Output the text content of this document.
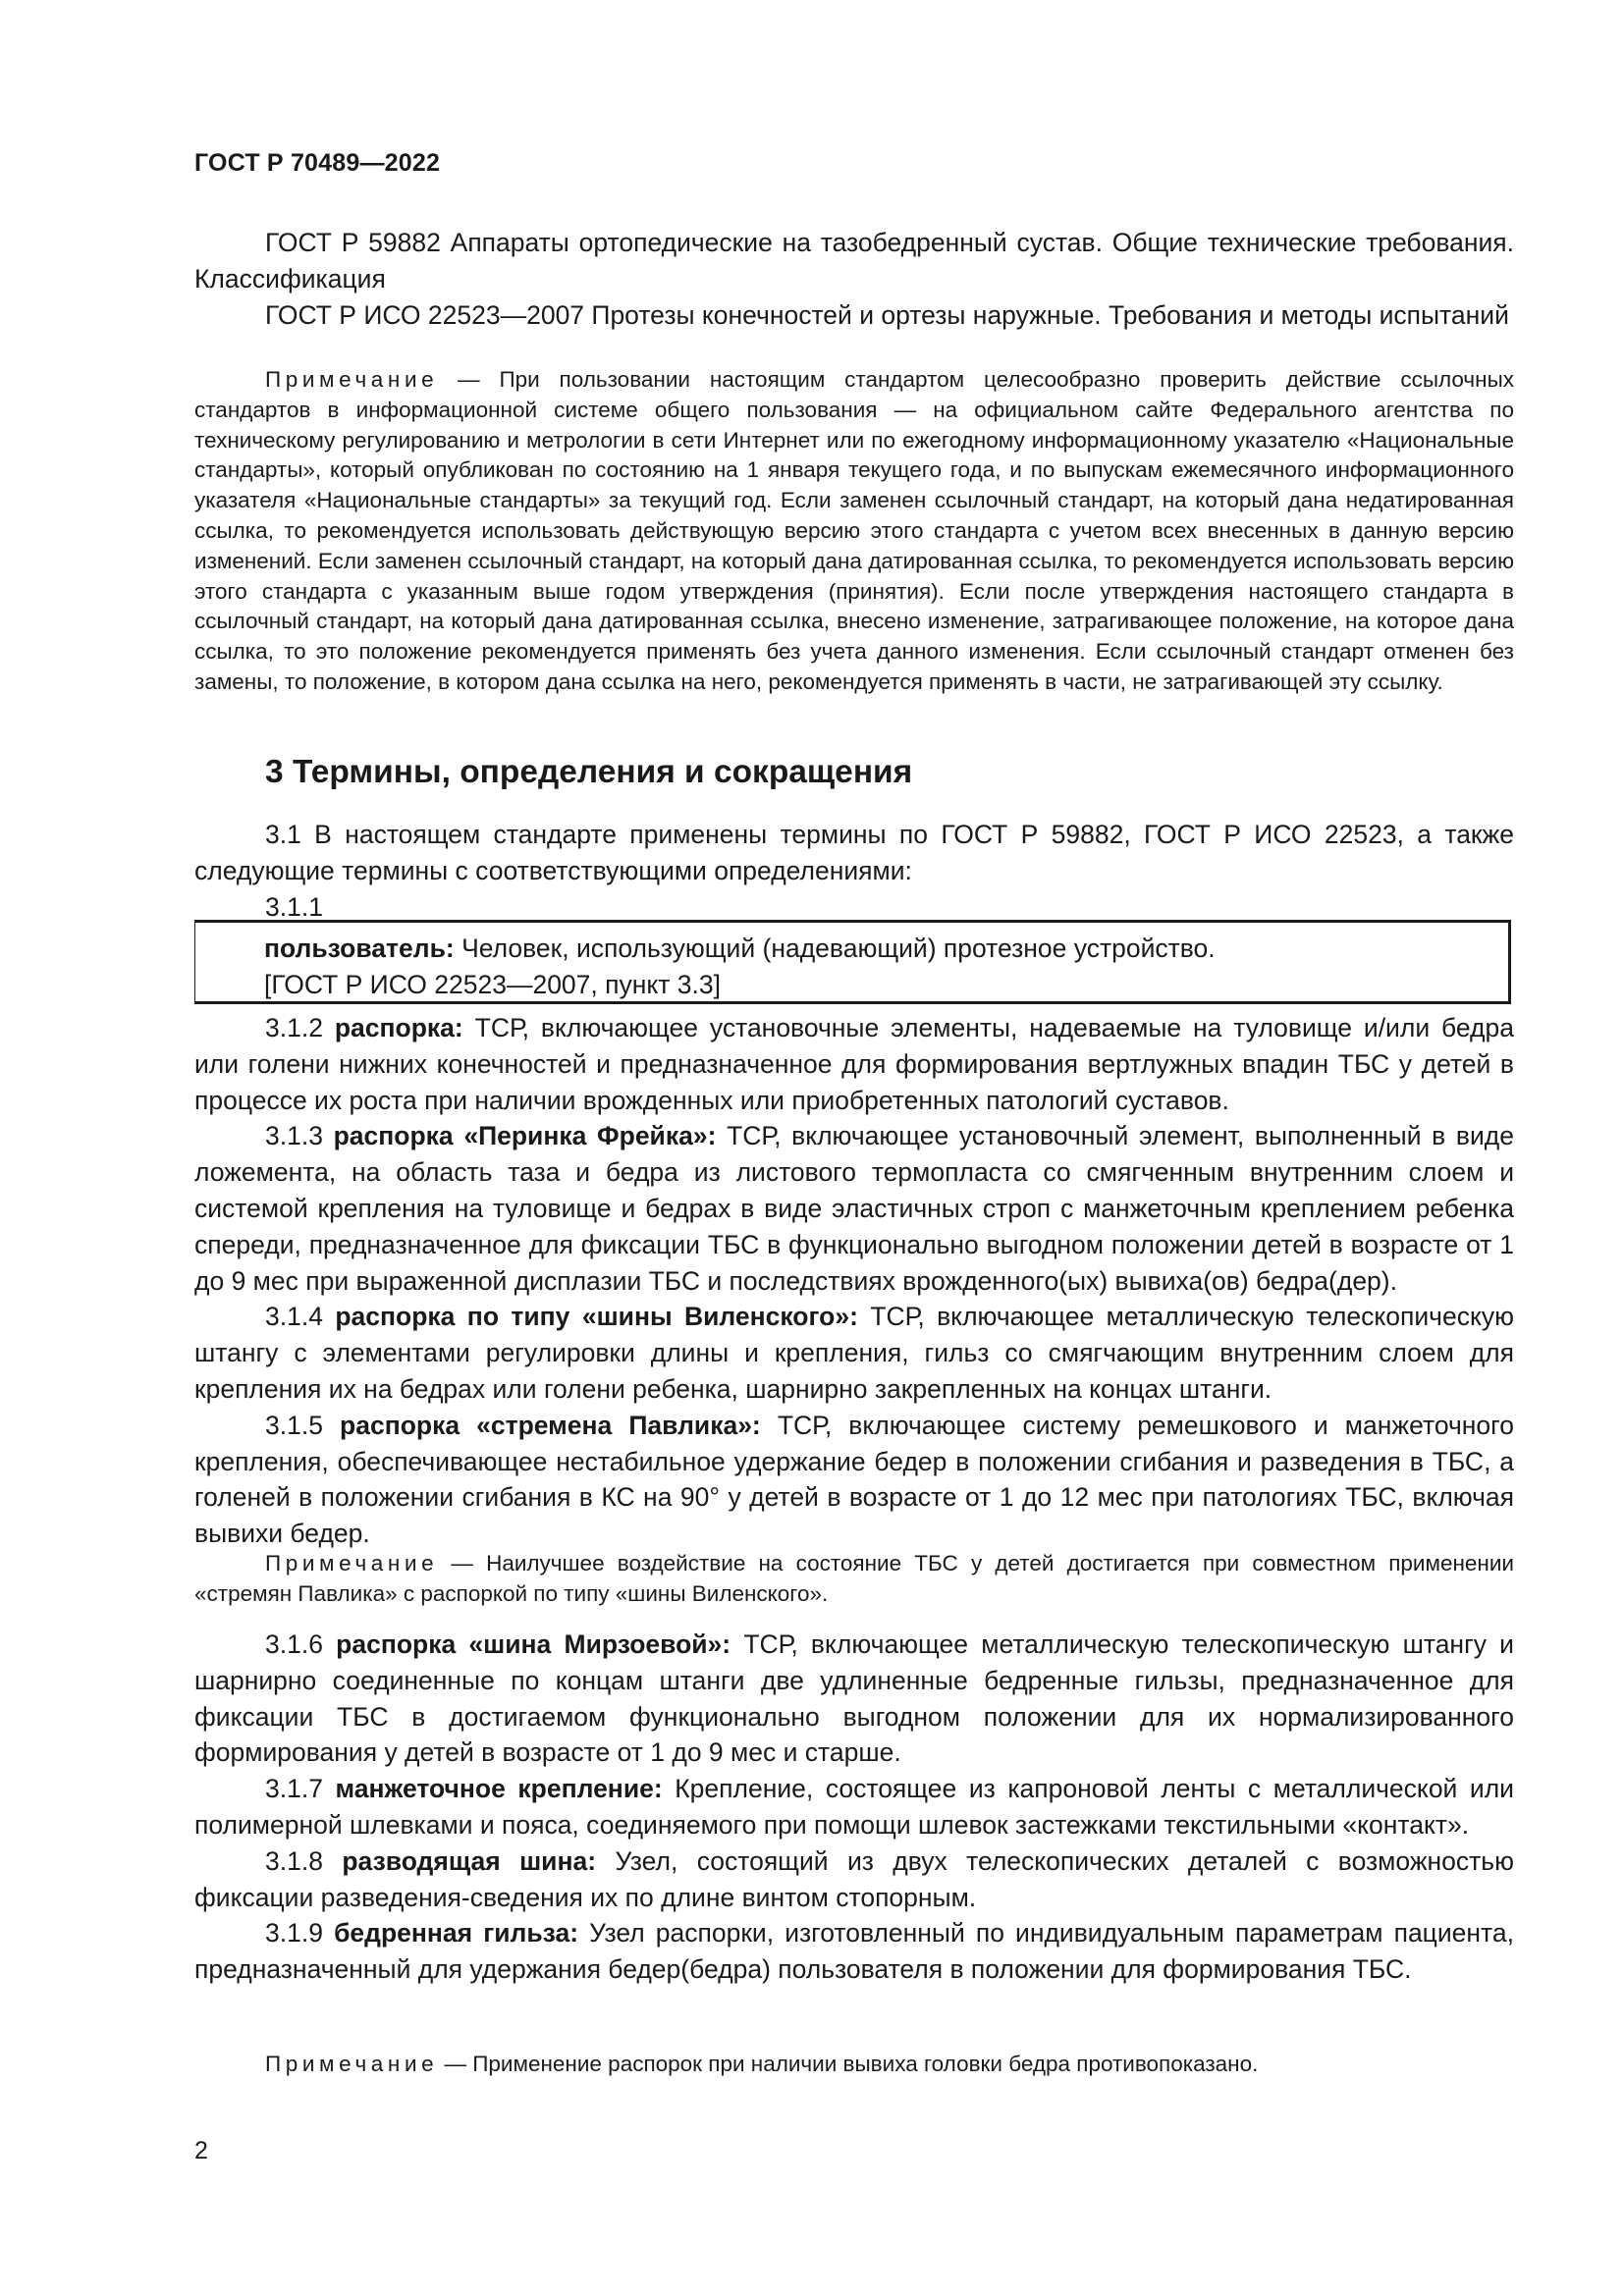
ГОСТ Р 70489—2022

ГОСТ Р 59882 Аппараты ортопедические на тазобедренный сустав. Общие технические требования. Классификация

ГОСТ Р ИСО 22523—2007 Протезы конечностей и ортезы наружные. Требования и методы испытаний

Примечание — При пользовании настоящим стандартом целесообразно проверить действие ссылочных стандартов в информационной системе общего пользования — на официальном сайте Федерального агентства по техническому регулированию и метрологии в сети Интернет или по ежегодному информационному указателю «Национальные стандарты», который опубликован по состоянию на 1 января текущего года, и по выпускам ежемесячного информационного указателя «Национальные стандарты» за текущий год. Если заменен ссылочный стандарт, на который дана недатированная ссылка, то рекомендуется использовать действующую версию этого стандарта с учетом всех внесенных в данную версию изменений. Если заменен ссылочный стандарт, на который дана датированная ссылка, то рекомендуется использовать версию этого стандарта с указанным выше годом утверждения (принятия). Если после утверждения настоящего стандарта в ссылочный стандарт, на который дана датированная ссылка, внесено изменение, затрагивающее положение, на которое дана ссылка, то это положение рекомендуется применять без учета данного изменения. Если ссылочный стандарт отменен без замены, то положение, в котором дана ссылка на него, рекомендуется применять в части, не затрагивающей эту ссылку.

3 Термины, определения и сокращения

3.1 В настоящем стандарте применены термины по ГОСТ Р 59882, ГОСТ Р ИСО 22523, а также следующие термины с соответствующими определениями:

3.1.1

пользователь: Человек, использующий (надевающий) протезное устройство.
[ГОСТ Р ИСО 22523—2007, пункт 3.3]

3.1.2 распорка: ТСР, включающее установочные элементы, надеваемые на туловище и/или бедра или голени нижних конечностей и предназначенное для формирования вертлужных впадин ТБС у детей в процессе их роста при наличии врожденных или приобретенных патологий суставов.

3.1.3 распорка «Перинка Фрейка»: ТСР, включающее установочный элемент, выполненный в виде ложемента, на область таза и бедра из листового термопласта со смягченным внутренним слоем и системой крепления на туловище и бедрах в виде эластичных строп с манжеточным креплением ребенка спереди, предназначенное для фиксации ТБС в функционально выгодном положении детей в возрасте от 1 до 9 мес при выраженной дисплазии ТБС и последствиях врожденного(ых) вывиха(ов) бедра(дер).

3.1.4 распорка по типу «шины Виленского»: ТСР, включающее металлическую телескопическую штангу с элементами регулировки длины и крепления, гильз со смягчающим внутренним слоем для крепления их на бедрах или голени ребенка, шарнирно закрепленных на концах штанги.

3.1.5 распорка «стремена Павлика»: ТСР, включающее систему ремешкового и манжеточного крепления, обеспечивающее нестабильное удержание бедер в положении сгибания и разведения в ТБС, а голеней в положении сгибания в КС на 90° у детей в возрасте от 1 до 12 мес при патологиях ТБС, включая вывихи бедер.

Примечание — Наилучшее воздействие на состояние ТБС у детей достигается при совместном применении «стремян Павлика» с распоркой по типу «шины Виленского».

3.1.6 распорка «шина Мирзоевой»: ТСР, включающее металлическую телескопическую штангу и шарнирно соединенные по концам штанги две удлиненные бедренные гильзы, предназначенное для фиксации ТБС в достигаемом функционально выгодном положении для их нормализированного формирования у детей в возрасте от 1 до 9 мес и старше.

3.1.7 манжеточное крепление: Крепление, состоящее из капроновой ленты с металлической или полимерной шлевками и пояса, соединяемого при помощи шлевок застежками текстильными «контакт».

3.1.8 разводящая шина: Узел, состоящий из двух телескопических деталей с возможностью фиксации разведения-сведения их по длине винтом стопорным.

3.1.9 бедренная гильза: Узел распорки, изготовленный по индивидуальным параметрам пациента, предназначенный для удержания бедер(бедра) пользователя в положении для формирования ТБС.

Примечание — Применение распорок при наличии вывиха головки бедра противопоказано.

2
